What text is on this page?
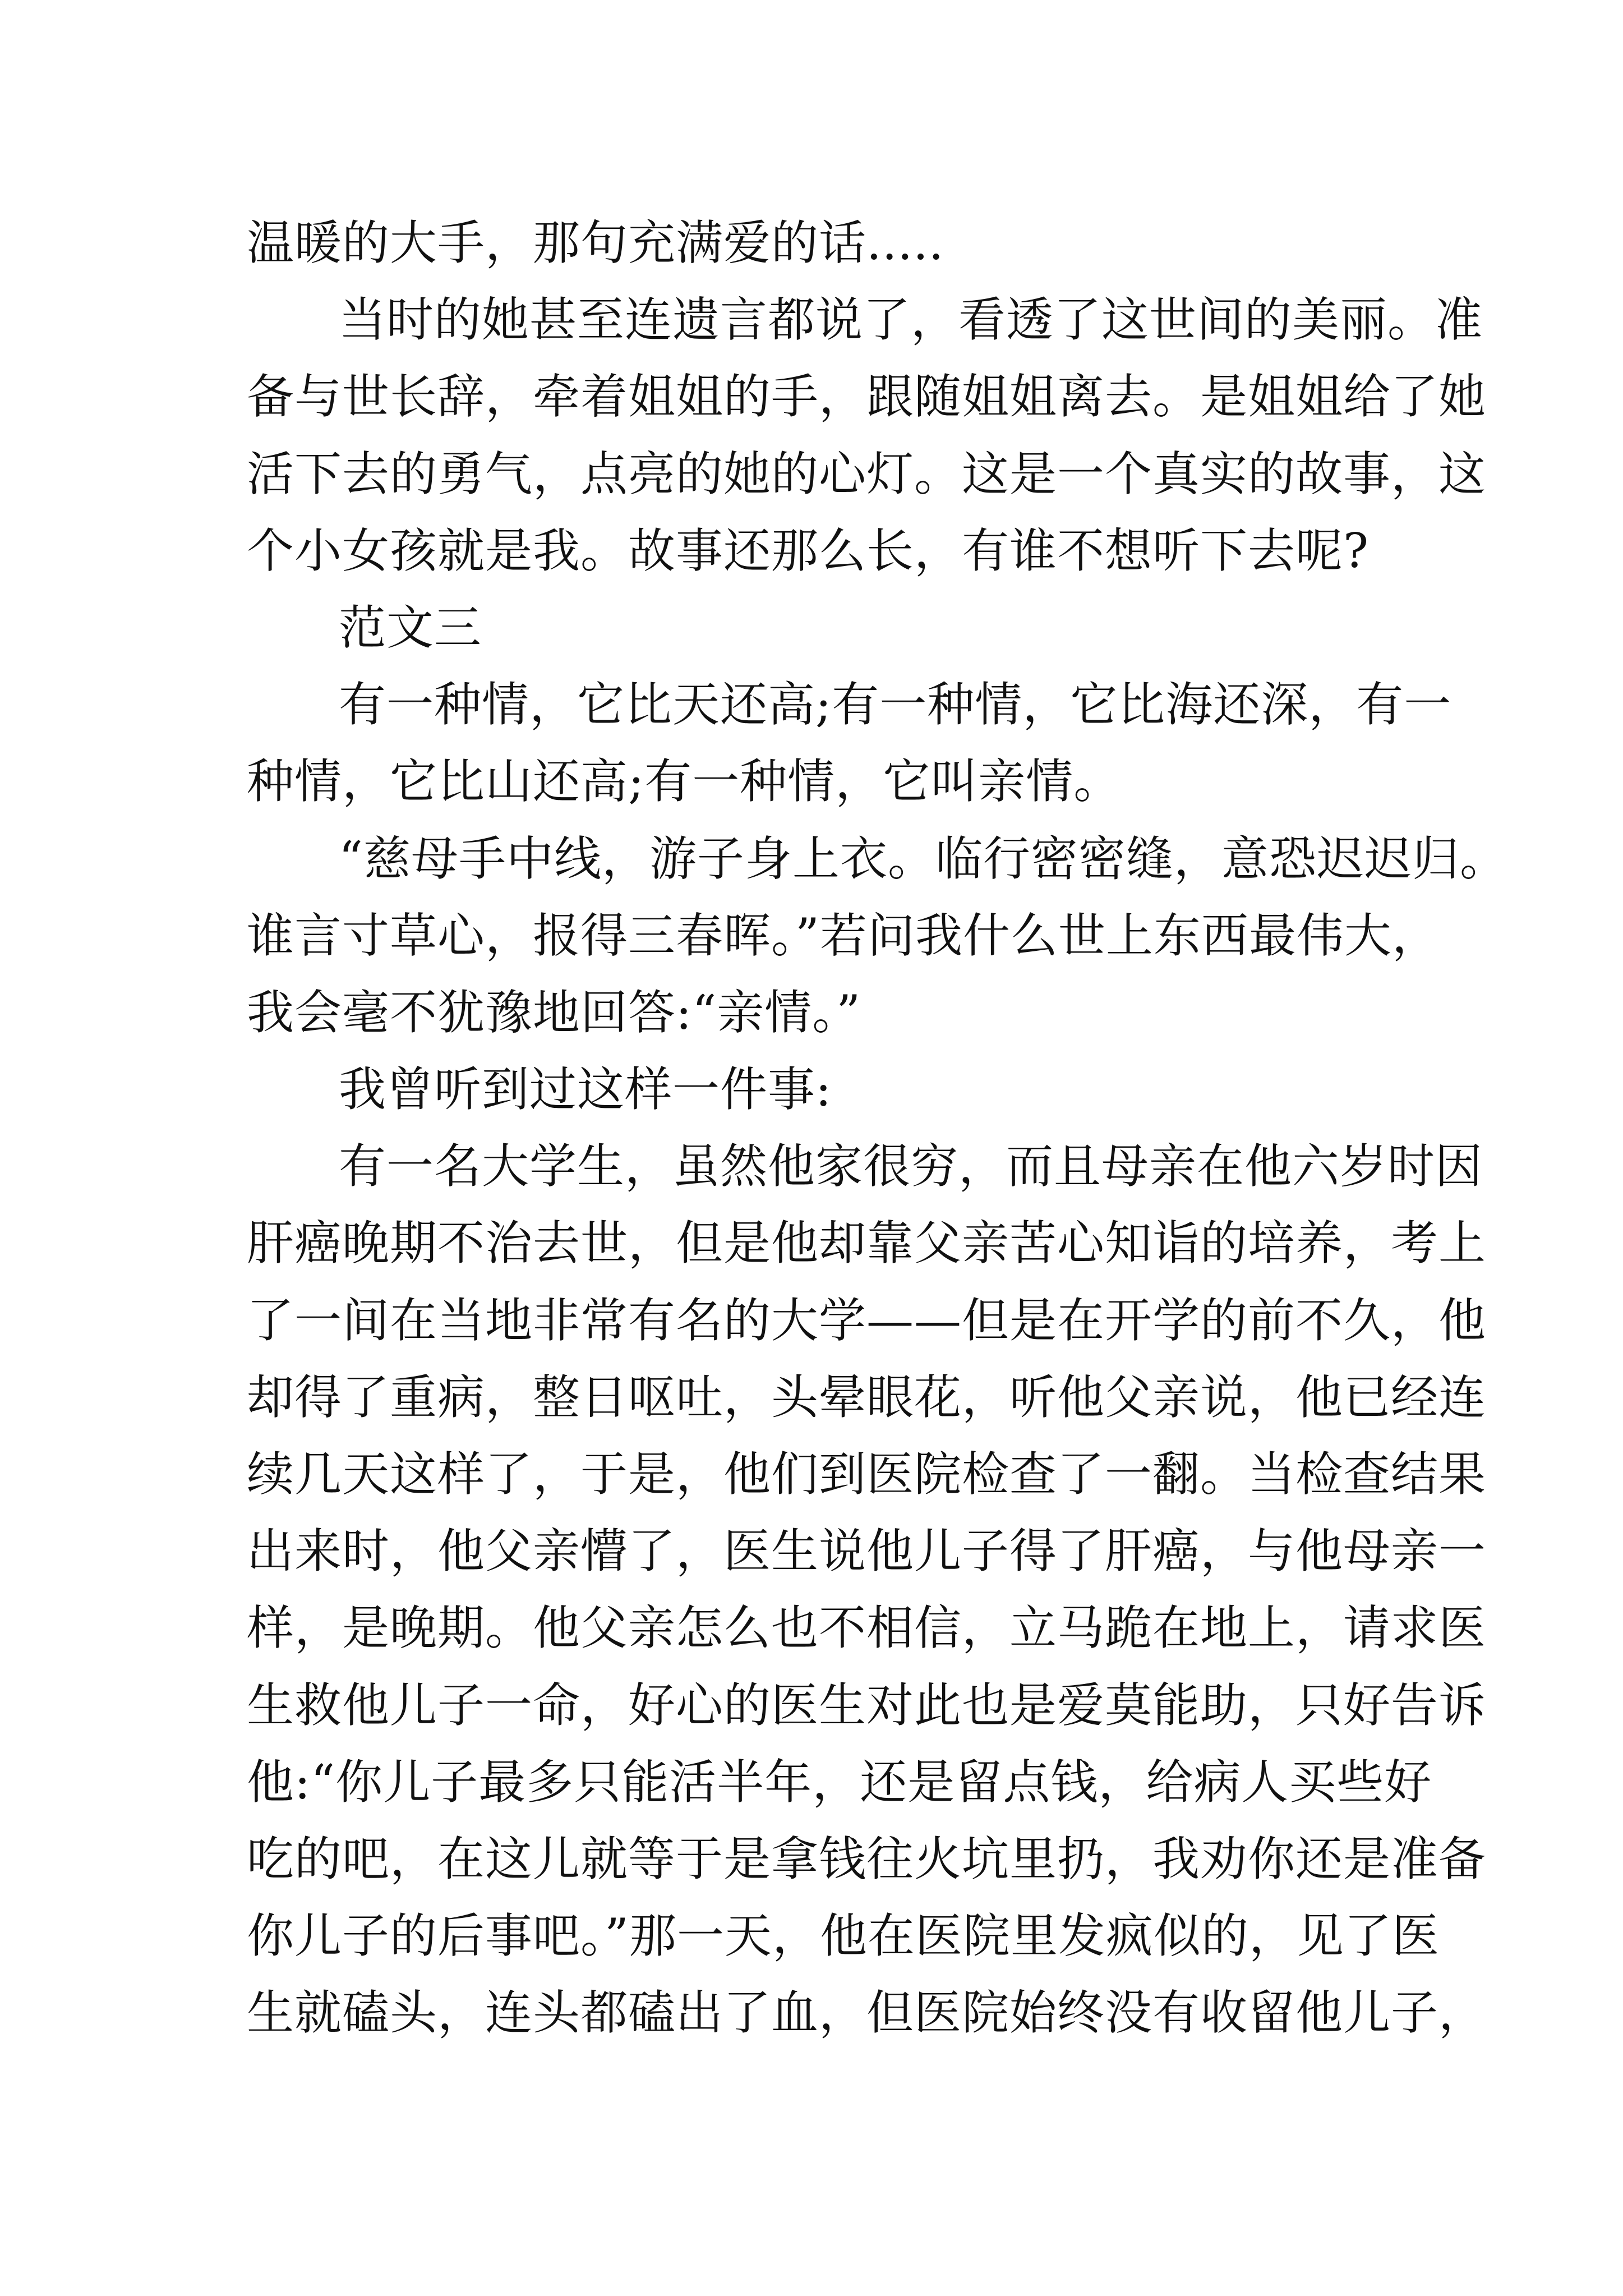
温暖的大手，那句充满爱的话.....
当时的她甚至连遗言都说了，看透了这世间的美丽。准
备与世长辞，牵着姐姐的手，跟随姐姐离去。是姐姐给了她
活下去的勇气，点亮的她的心灯。这是一个真实的故事，这
个小女孩就是我。故事还那么长，有谁不想听下去呢?
范文三
有一种情，它比天还高;有一种情，它比海还深，有一
种情，它比山还高;有一种情，它叫亲情。
“慈母手中线，游子身上衣。临行密密缝，意恐迟迟归。
谁言寸草心，报得三春晖。”若问我什么世上东西最伟大，
我会毫不犹豫地回答:“亲情。”
我曾听到过这样一件事:
有一名大学生，虽然他家很穷，而且母亲在他六岁时因
肝癌晚期不治去世，但是他却靠父亲苦心知诣的培养，考上
了一间在当地非常有名的大学——但是在开学的前不久，他
却得了重病，整日呕吐，头晕眼花，听他父亲说，他已经连
续几天这样了，于是，他们到医院检查了一翻。当检查结果
出来时，他父亲懵了，医生说他儿子得了肝癌，与他母亲一
样，是晚期。他父亲怎么也不相信，立马跪在地上，请求医
生救他儿子一命，好心的医生对此也是爱莫能助，只好告诉
他:“你儿子最多只能活半年，还是留点钱，给病人买些好
吃的吧，在这儿就等于是拿钱往火坑里扔，我劝你还是准备
你儿子的后事吧。”那一天，他在医院里发疯似的，见了医
生就磕头，连头都磕出了血，但医院始终没有收留他儿子，
